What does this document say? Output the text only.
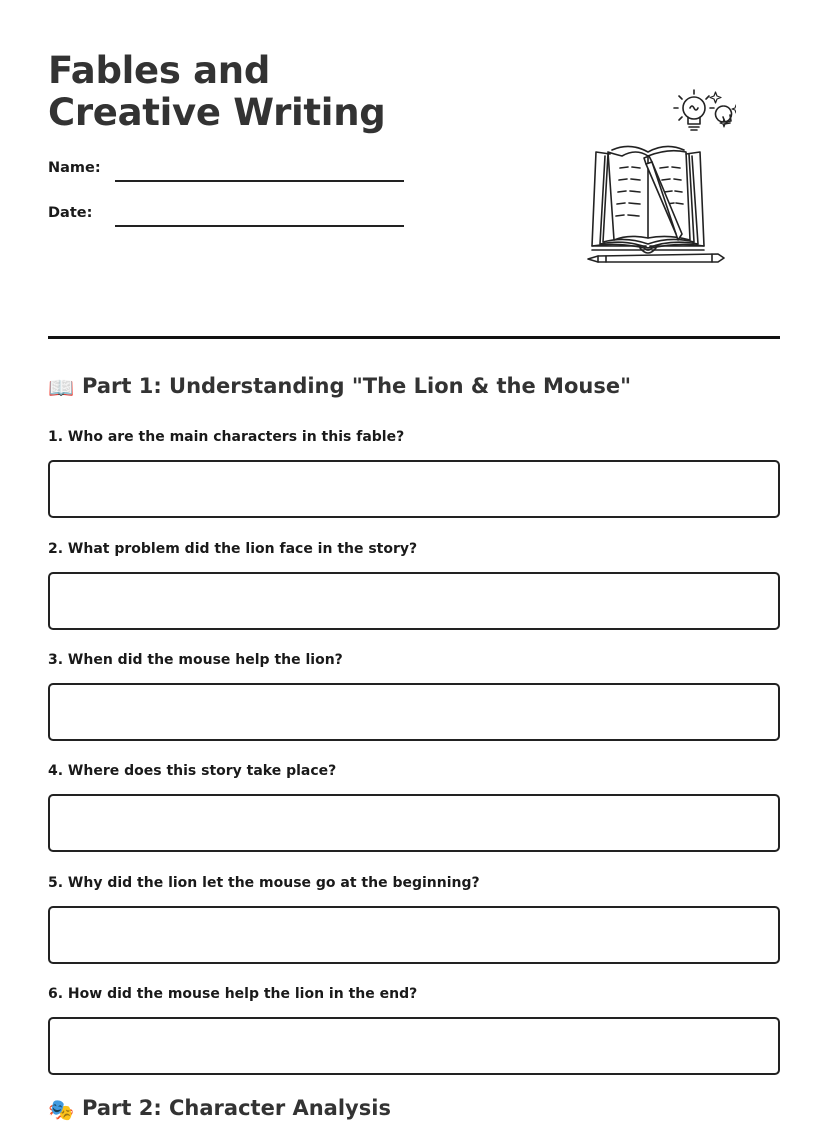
Fables and Creative Writing
Name:
Date:
📖 Part 1: Understanding "The Lion & the Mouse"
1. Who are the main characters in this fable?
2. What problem did the lion face in the story?
3. When did the mouse help the lion?
4. Where does this story take place?
5. Why did the lion let the mouse go at the beginning?
6. How did the mouse help the lion in the end?
🎭 Part 2: Character Analysis
